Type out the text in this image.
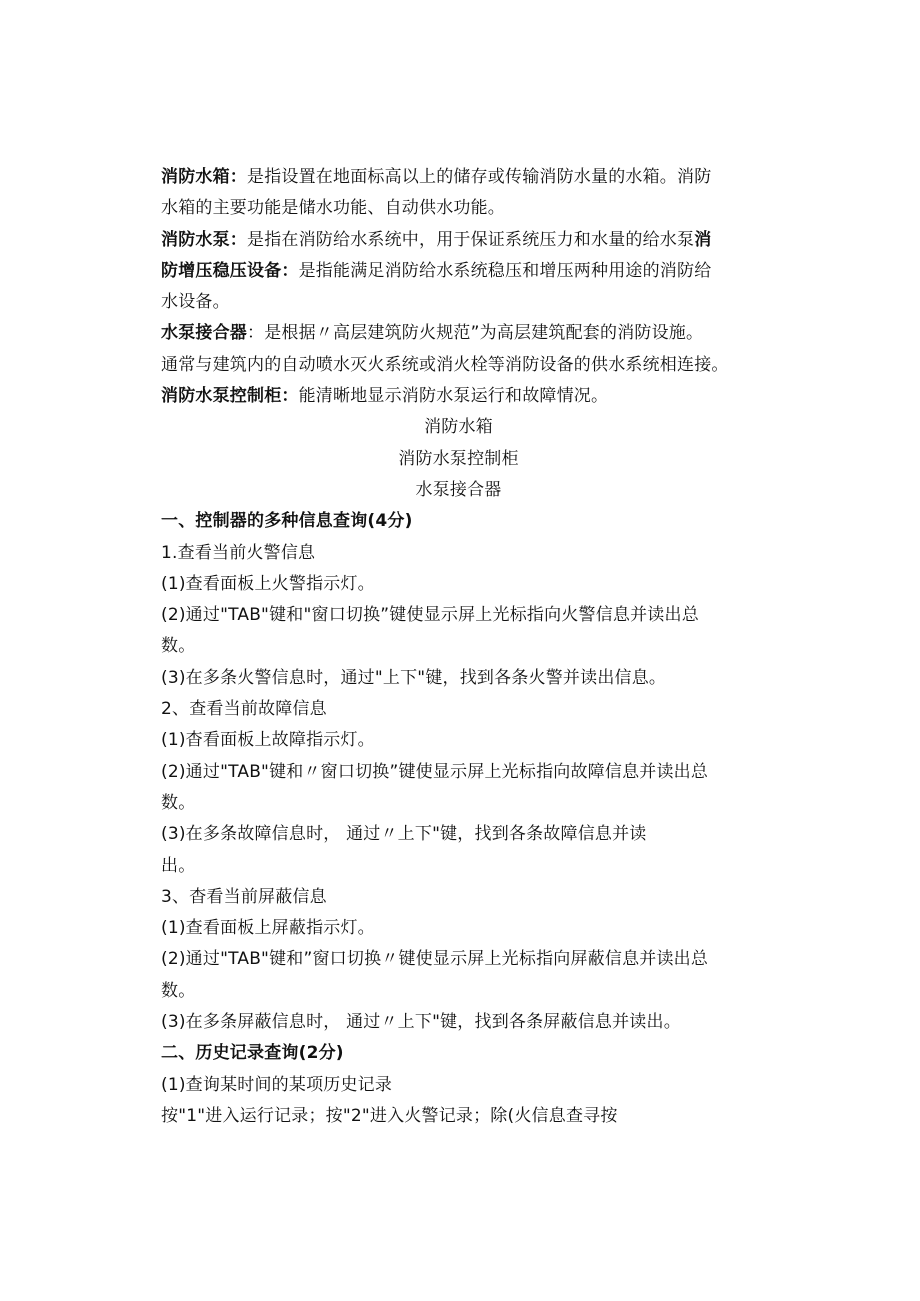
消防水箱：是指设置在地面标高以上的储存或传输消防水量的水箱。消防
水箱的主要功能是储水功能、自动供水功能。
消防水泵：是指在消防给水系统中，用于保证系统压力和水量的给水泵消
防增压稳压设备：是指能满足消防给水系统稳压和增压两种用途的消防给
水设备。
水泵接合器：是根据〃高层建筑防火规范”为高层建筑配套的消防设施。
通常与建筑内的自动喷水灭火系统或消火栓等消防设备的供水系统相连接。
消防水泵控制柜：能清晰地显示消防水泵运行和故障情况。
消防水箱
消防水泵控制柜
水泵接合器
一、控制器的多种信息查询(4分)
1.查看当前火警信息
(1)查看面板上火警指示灯。
(2)通过"TAB"键和"窗口切换”键使显示屏上光标指向火警信息并读出总
数。
(3)在多条火警信息时，通过"上下"键，找到各条火警并读出信息。
2、查看当前故障信息
(1)杳看面板上故障指示灯。
(2)通过"TAB"键和〃窗口切换”键使显示屏上光标指向故障信息并读出总
数。
(3)在多条故障信息时， 通过〃上下"键，找到各条故障信息并读
出。
3、杳看当前屏蔽信息
(1)查看面板上屏蔽指示灯。
(2)通过"TAB"键和”窗口切换〃键使显示屏上光标指向屏蔽信息并读出总
数。
(3)在多条屏蔽信息时， 通过〃上下"键，找到各条屏蔽信息并读出。
二、历史记录查询(2分)
(1)查询某时间的某项历史记录
按"1"进入运行记录；按"2"进入火警记录；除(火信息查寻按
